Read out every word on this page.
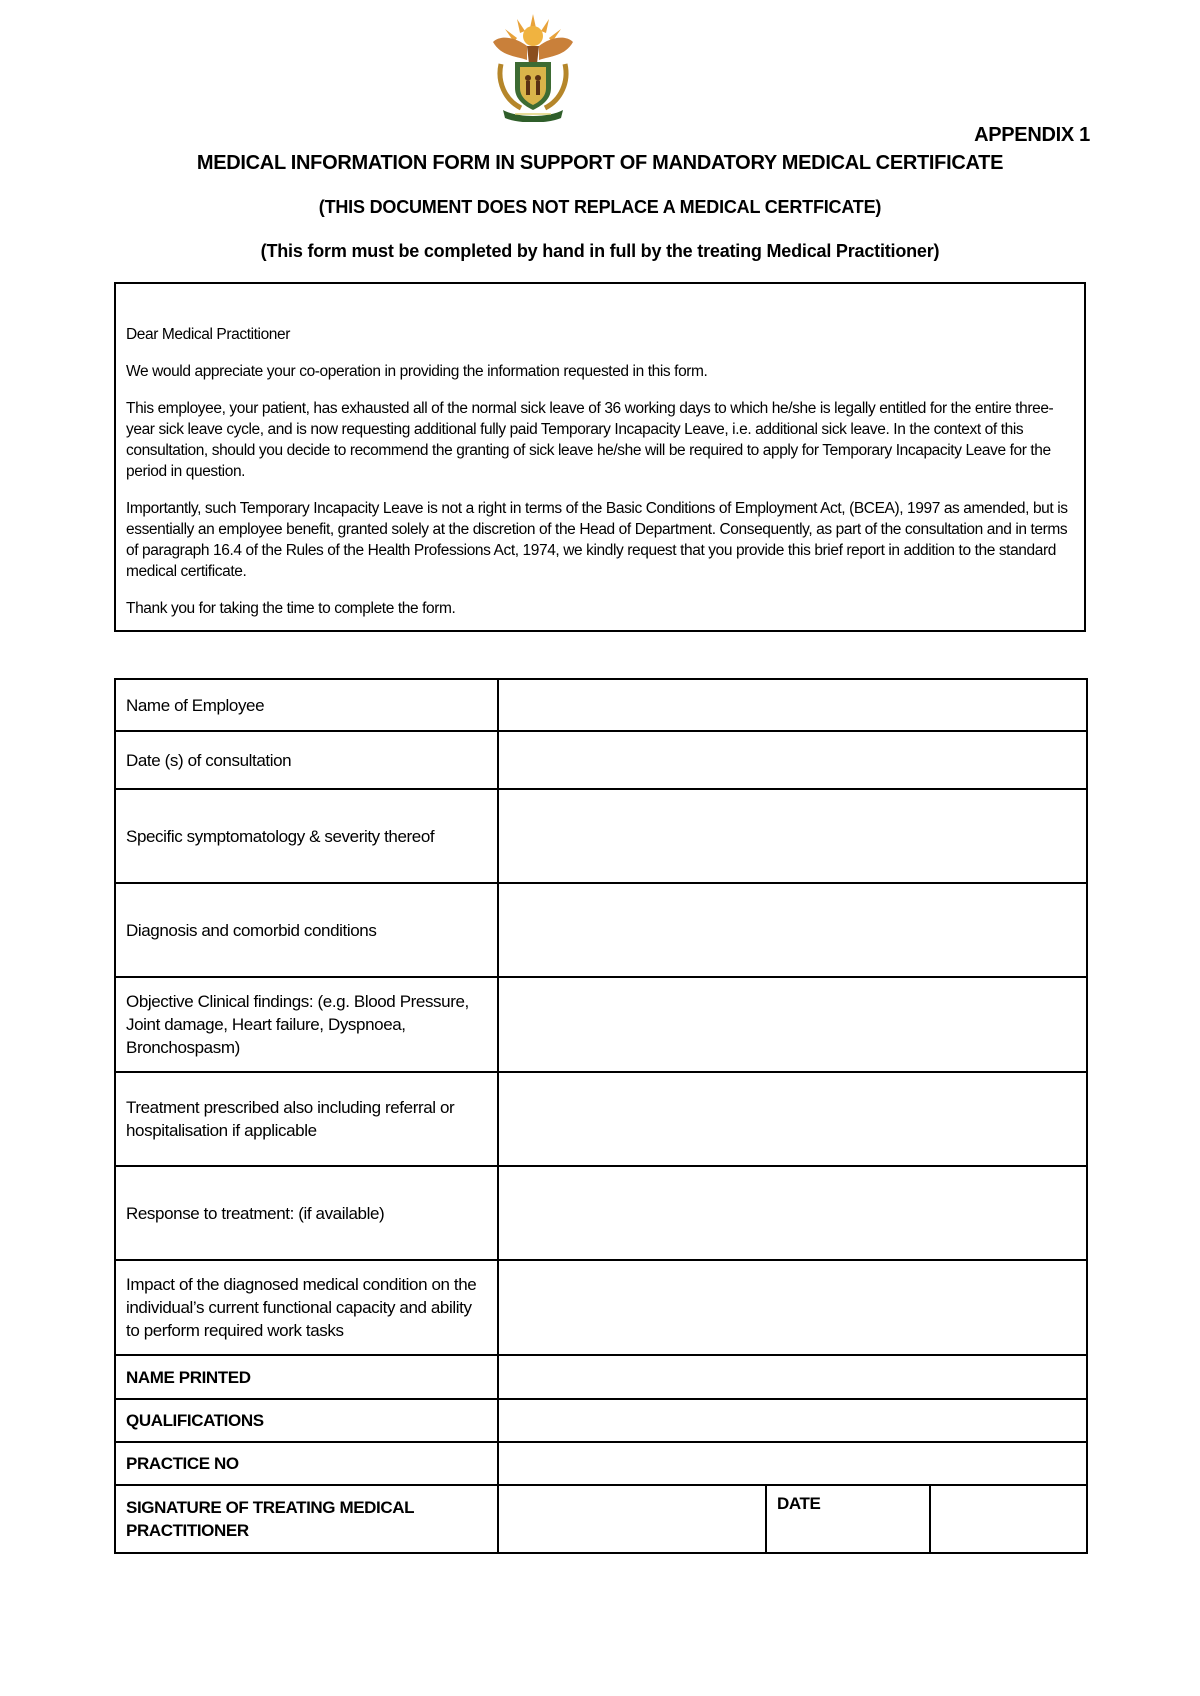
APPENDIX 1
MEDICAL INFORMATION FORM IN SUPPORT OF MANDATORY MEDICAL CERTIFICATE
(THIS DOCUMENT DOES NOT REPLACE A MEDICAL CERTFICATE)
(This form must be completed by hand in full by the treating Medical Practitioner)

Dear Medical Practitioner

We would appreciate your co-operation in providing the information requested in this form.

This employee, your patient, has exhausted all of the normal sick leave of 36 working days to which he/she is legally entitled for the entire three-year sick leave cycle, and is now requesting additional fully paid Temporary Incapacity Leave, i.e. additional sick leave. In the context of this consultation, should you decide to recommend the granting of sick leave he/she will be required to apply for Temporary Incapacity Leave for the period in question.

Importantly, such Temporary Incapacity Leave is not a right in terms of the Basic Conditions of Employment Act, (BCEA), 1997 as amended, but is essentially an employee benefit, granted solely at the discretion of the Head of Department. Consequently, as part of the consultation and in terms of paragraph 16.4 of the Rules of the Health Professions Act, 1974, we kindly request that you provide this brief report in addition to the standard medical certificate.

Thank you for taking the time to complete the form.

Name of Employee			
Date (s) of consultation			
Specific symptomatology & severity thereof			
Diagnosis and comorbid conditions			
Objective Clinical findings: (e.g. Blood Pressure, Joint damage, Heart failure, Dyspnoea, Bronchospasm)			
Treatment prescribed also including referral or hospitalisation if applicable			
Response to treatment: (if available)			
Impact of the diagnosed medical condition on the individual’s current functional capacity and ability to perform required work tasks			
NAME PRINTED			
QUALIFICATIONS			
PRACTICE NO			
SIGNATURE OF TREATING MEDICAL PRACTITIONER		DATE	
